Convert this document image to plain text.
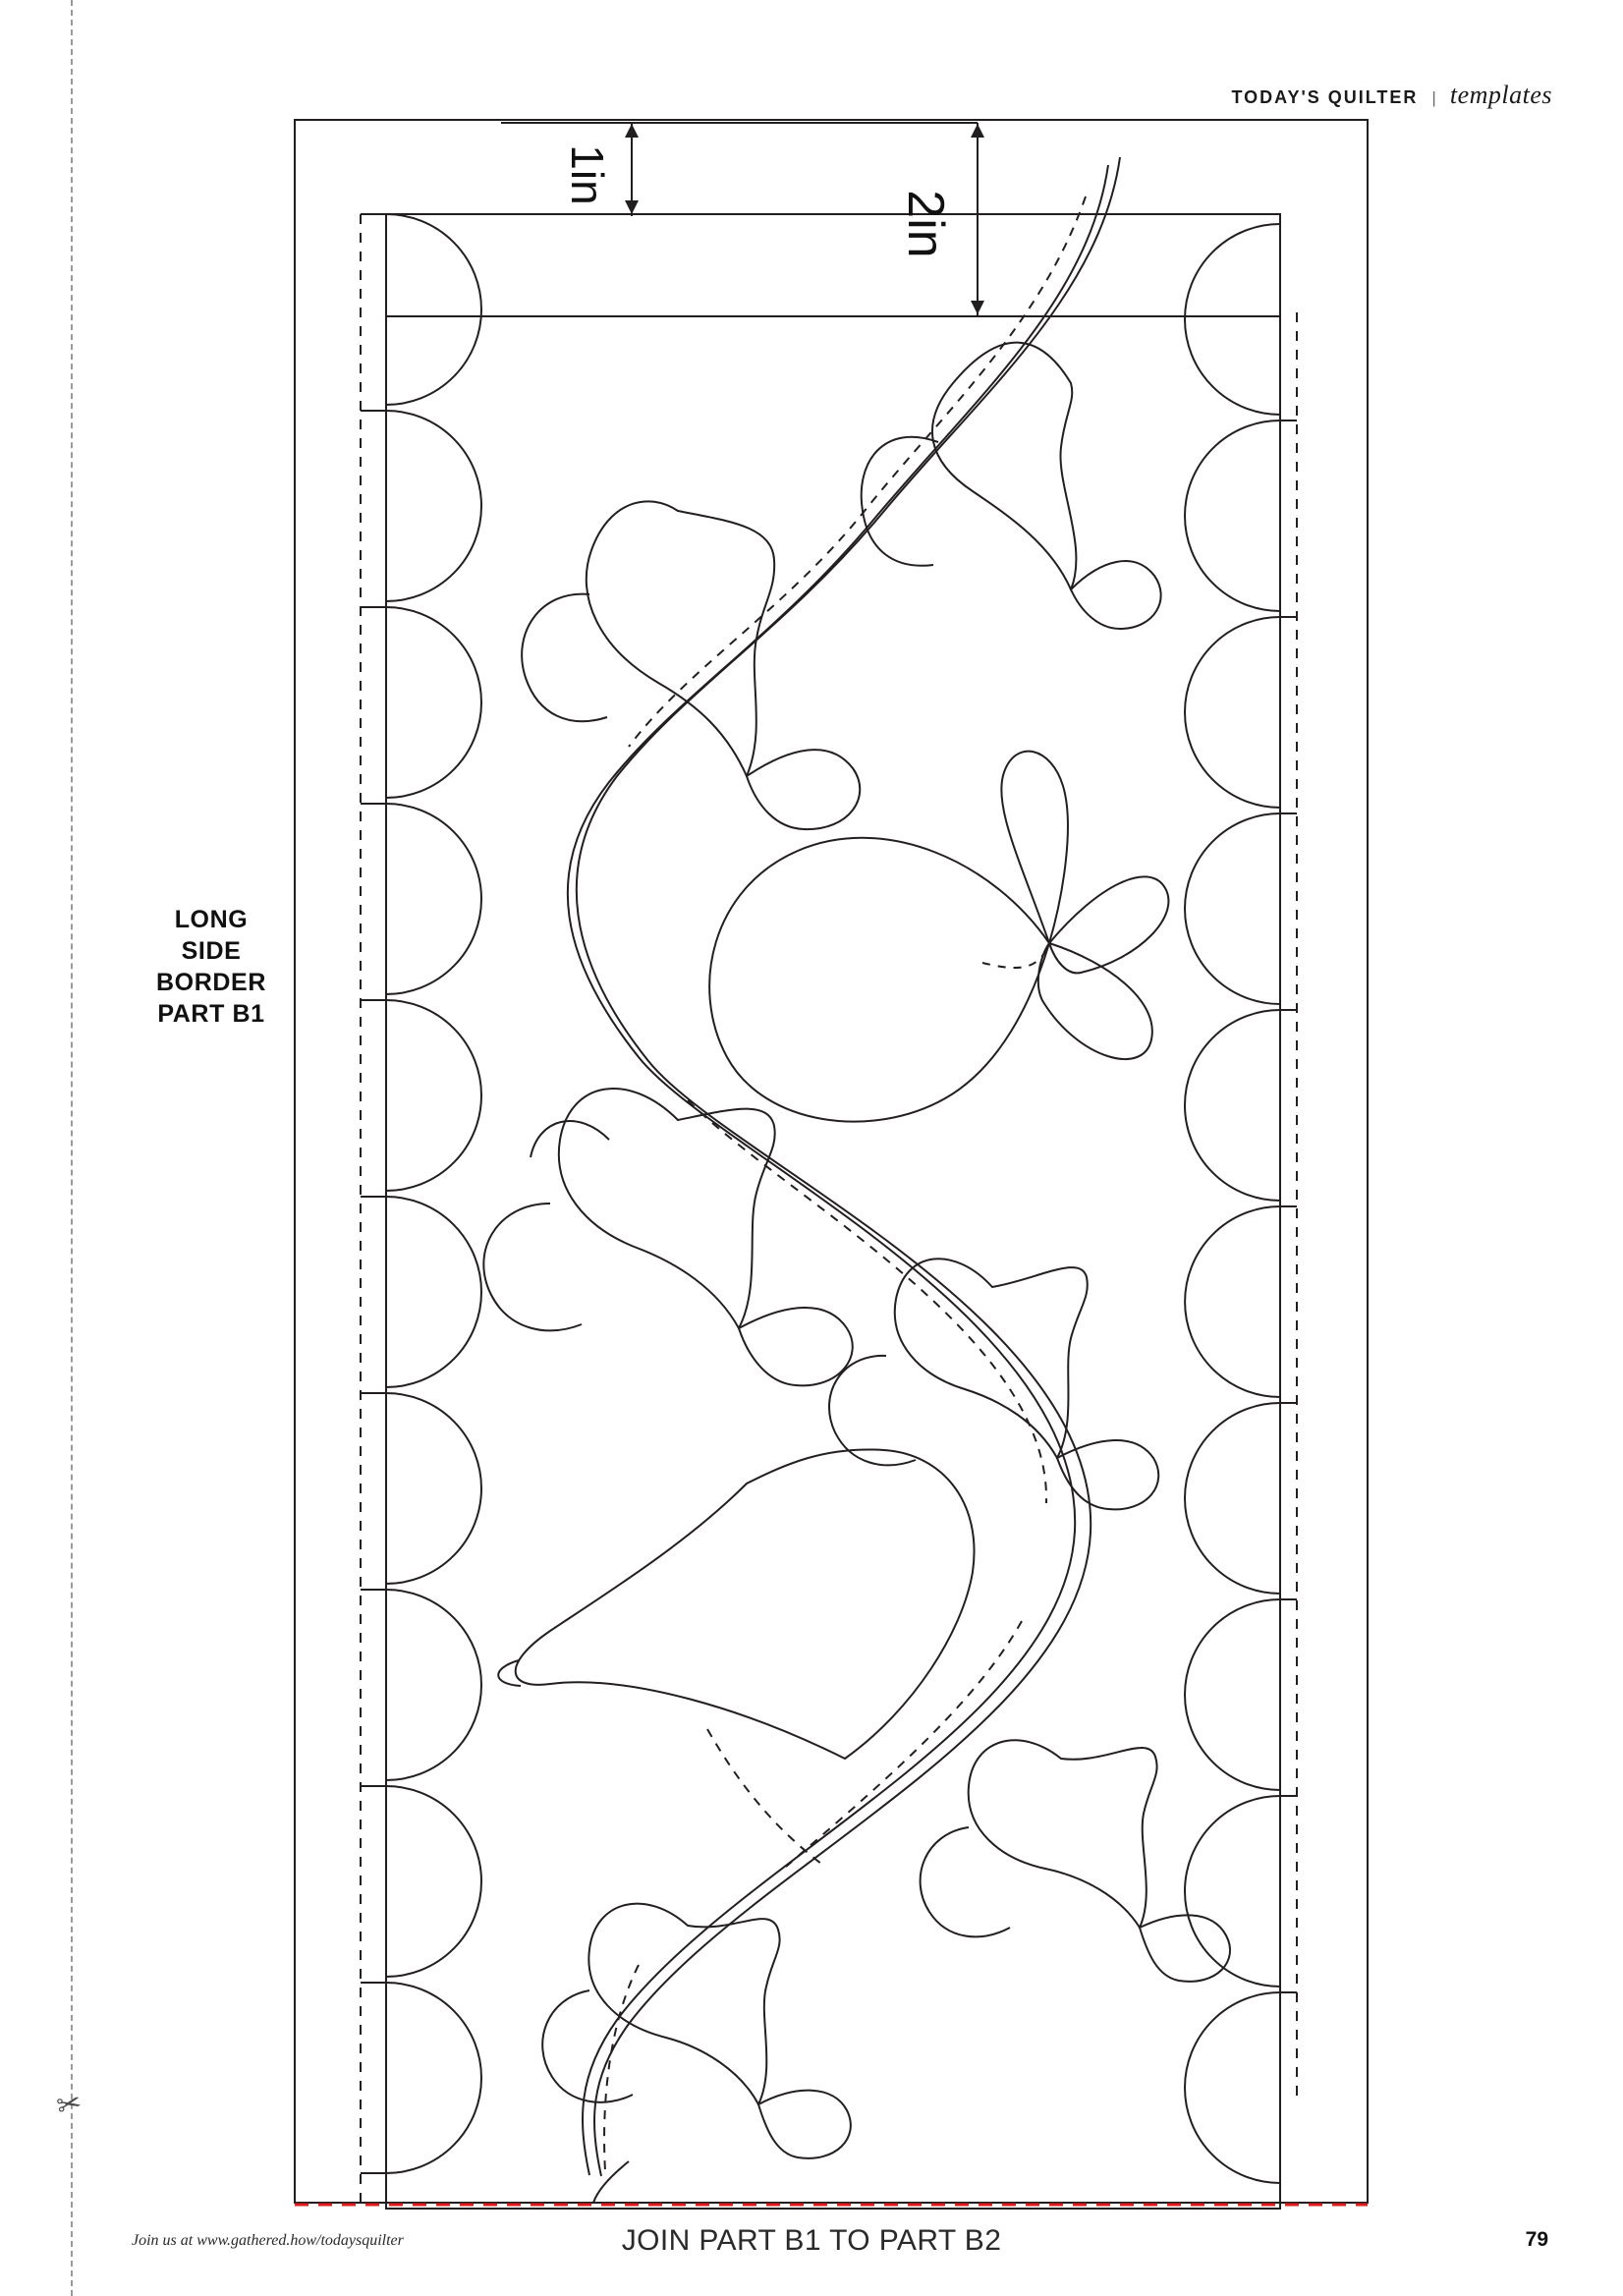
✂
TODAY'S QUILTER | templates
LONG
SIDE
BORDER
PART B1
1in
2in
Join us at www.gathered.how/todaysquilter	JOIN PART B1 TO PART B2	79
